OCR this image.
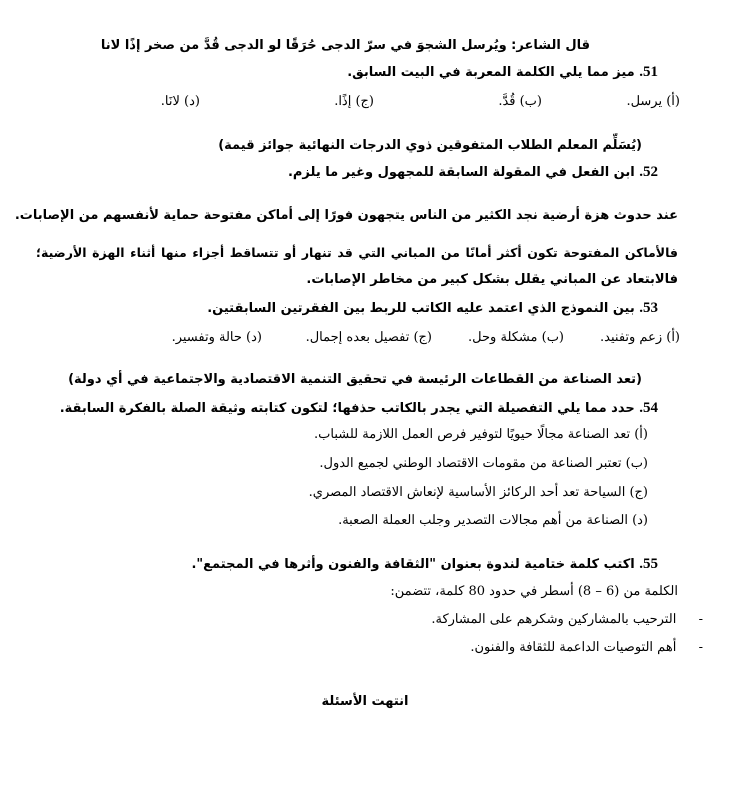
قال الشاعر: ويُرسل الشجوَ في سرّ الدجى حُرَقًا لو الدجى قُدَّ من صخر إذًا لانا
51. ميز مما يلي الكلمة المعربة في البيت السابق.
(أ) يرسل.
(ب) قُدَّ.
(ج) إذًا.
(د) لانَا.
(يُسَلِّم المعلم الطلاب المتفوقين ذوي الدرجات النهائية جوائز قيمة)
52. ابن الفعل في المقولة السابقة للمجهول وغير ما يلزم.
عند حدوث هزة أرضية نجد الكثير من الناس يتجهون فورًا إلى أماكن مفتوحة حماية لأنفسهم من الإصابات.
فالأماكن المفتوحة تكون أكثر أمانًا من المباني التي قد تنهار أو تتساقط أجزاء منها أثناء الهزة الأرضية؛
فالابتعاد عن المباني يقلل بشكل كبير من مخاطر الإصابات.
53. بين النموذج الذي اعتمد عليه الكاتب للربط بين الفقرتين السابقتين.
(أ) زعم وتفنيد.
(ب) مشكلة وحل.
(ج) تفصيل بعده إجمال.
(د) حالة وتفسير.
(تعد الصناعة من القطاعات الرئيسة في تحقيق التنمية الاقتصادية والاجتماعية في أي دولة)
54. حدد مما يلي التفصيلة التي يجدر بالكاتب حذفها؛ لتكون كتابته وثيقة الصلة بالفكرة السابقة.
(أ) تعد الصناعة مجالًا حيويًا لتوفير فرص العمل اللازمة للشباب.
(ب) تعتبر الصناعة من مقومات الاقتصاد الوطني لجميع الدول.
(ج) السياحة تعد أحد الركائز الأساسية لإنعاش الاقتصاد المصري.
(د) الصناعة من أهم مجالات التصدير وجلب العملة الصعبة.
55. اكتب كلمة ختامية لندوة بعنوان "الثقافة والفنون وأثرها في المجتمع".
الكلمة من (6 – 8) أسطر في حدود 80 كلمة، تتضمن:
-  الترحيب بالمشاركين وشكرهم على المشاركة.
-  أهم التوصيات الداعمة للثقافة والفنون.
انتهت الأسئلة
